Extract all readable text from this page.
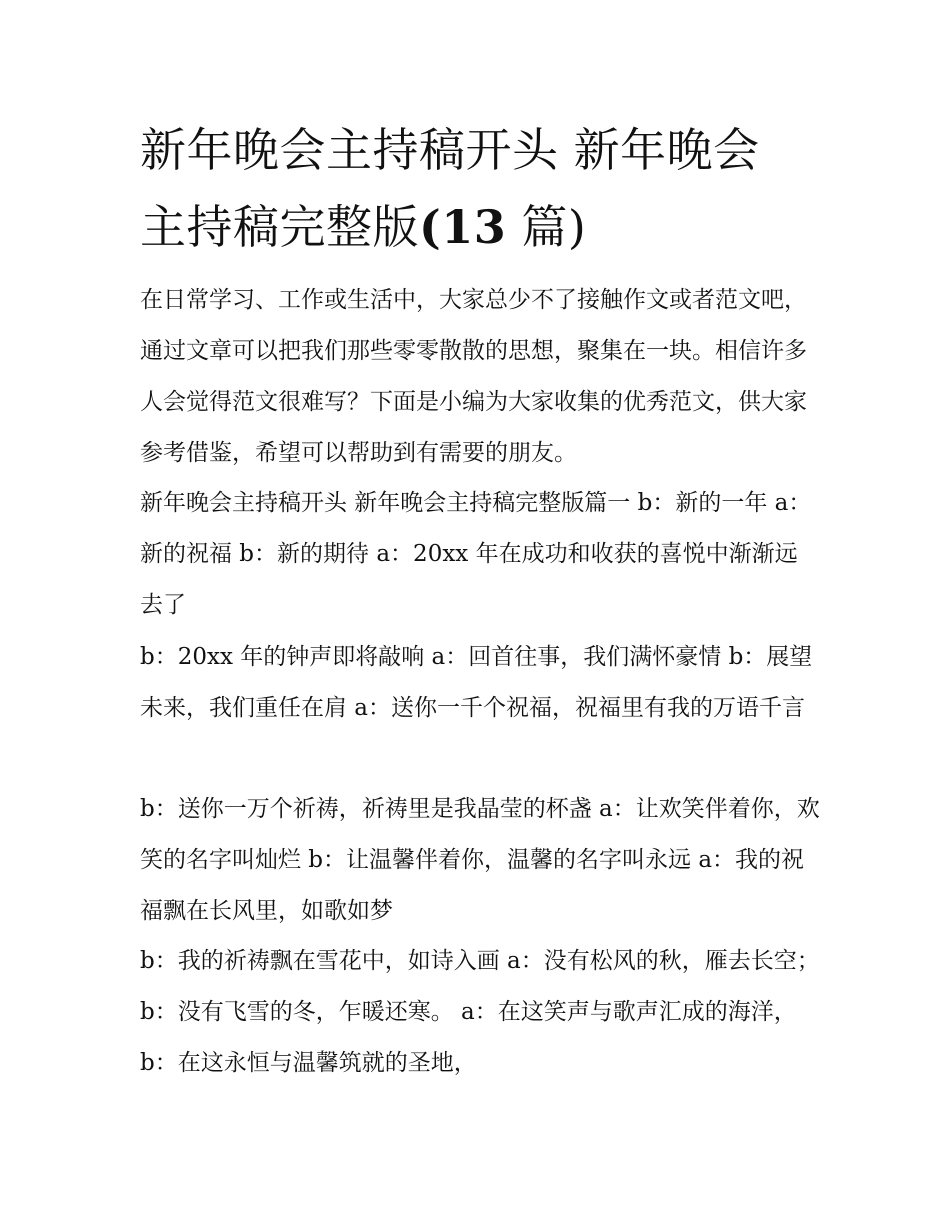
新年晚会主持稿开头 新年晚会
主持稿完整版(13 篇)

在日常学习、工作或生活中，大家总少不了接触作文或者范文吧，通过文章可以把我们那些零零散散的思想，聚集在一块。相信许多人会觉得范文很难写？下面是小编为大家收集的优秀范文，供大家参考借鉴，希望可以帮助到有需要的朋友。

新年晚会主持稿开头 新年晚会主持稿完整版篇一 b：新的一年 a：新的祝福 b：新的期待 a：20xx 年在成功和收获的喜悦中渐渐远去了

b：20xx 年的钟声即将敲响 a：回首往事，我们满怀豪情 b：展望未来，我们重任在肩 a：送你一千个祝福，祝福里有我的万语千言

b：送你一万个祈祷，祈祷里是我晶莹的杯盏 a：让欢笑伴着你，欢笑的名字叫灿烂 b：让温馨伴着你，温馨的名字叫永远 a：我的祝福飘在长风里，如歌如梦

b：我的祈祷飘在雪花中，如诗入画 a：没有松风的秋，雁去长空； b：没有飞雪的冬，乍暖还寒。 a：在这笑声与歌声汇成的海洋， b：在这永恒与温馨筑就的圣地，
